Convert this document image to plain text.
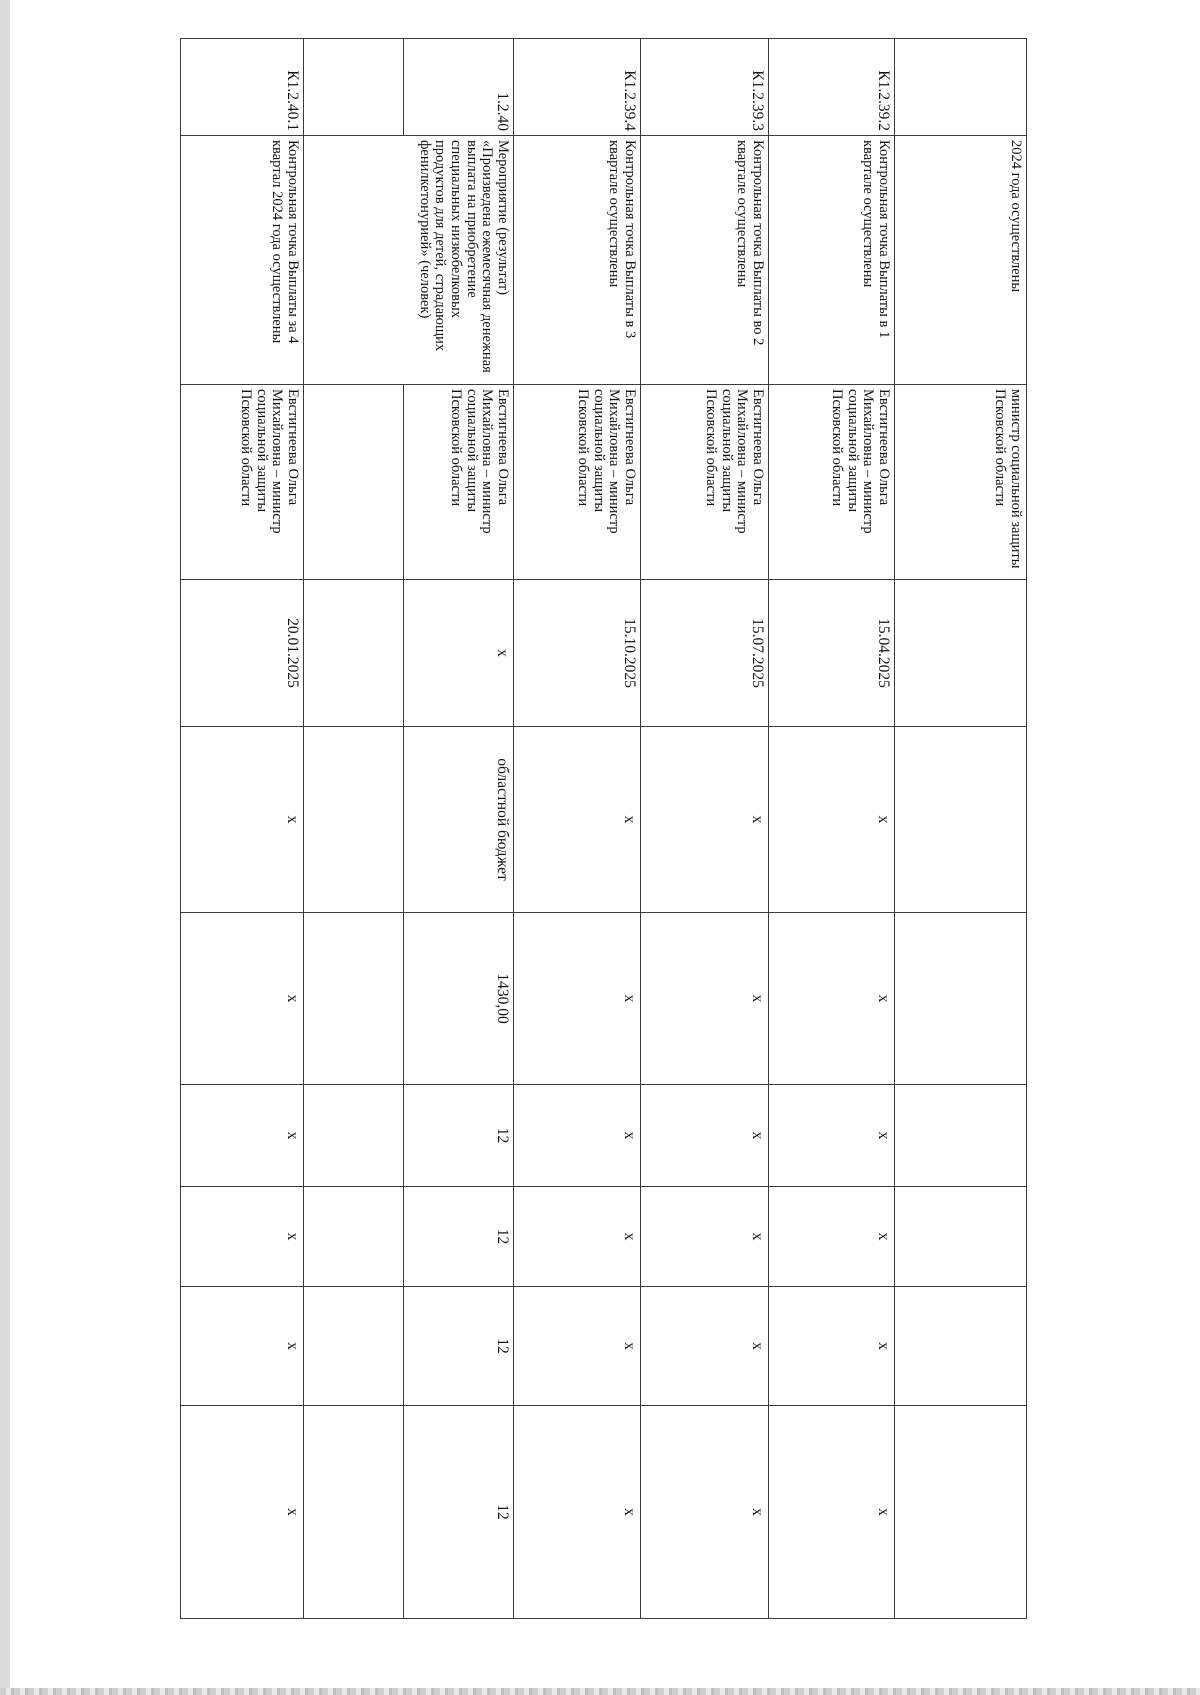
	2024 года осуществлены	министр социальной защиты Псковской области							
К1.2.39.2	Контрольная точка Выплаты в 1 квартале осуществлены	Евстигнеева Ольга Михайловна – министр социальной защиты Псковской области	15.04.2025	х	х	х	х	х	х
К1.2.39.3	Контрольная точка Выплаты во 2 квартале осуществлены	Евстигнеева Ольга Михайловна – министр социальной защиты Псковской области	15.07.2025	х	х	х	х	х	х
К1.2.39.4	Контрольная точка Выплаты в 3 квартале осуществлены	Евстигнеева Ольга Михайловна – министр социальной защиты Псковской области	15.10.2025	х	х	х	х	х	х
1.2.40	Мероприятие (результат) «Произведена ежемесячная денежная выплата на приобретение специальных низкобелковых продуктов для детей, страдающих фенилкетонурией» (человек)	Евстигнеева Ольга Михайловна – министр социальной защиты Псковской области	х	областной бюджет	1430,00	12	12	12	12

К1.2.40.1	Контрольная точка Выплаты за 4 квартал 2024 года осуществлены	Евстигнеева Ольга Михайловна – министр социальной защиты Псковской области	20.01.2025	х	х	х	х	х	х
